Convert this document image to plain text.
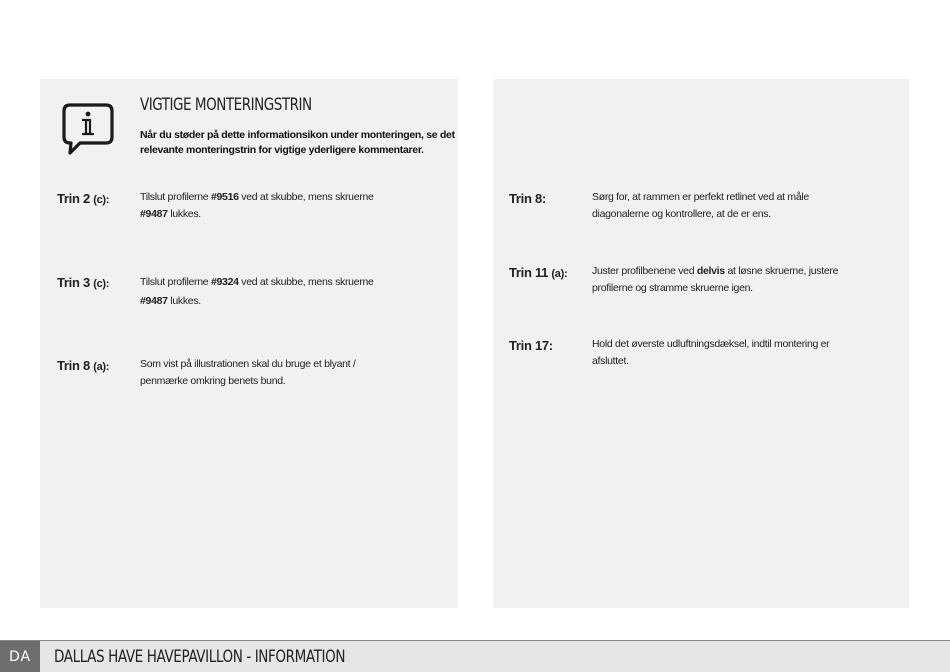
VIGTIGE MONTERINGSTRIN
Når du støder på dette informationsikon under monteringen, se det relevante monteringstrin for vigtige yderligere kommentarer.
Trin 2 (c):	Tilslut profilerne #9516 ved at skubbe, mens skruerne
#9487 lukkes.
Trin 3 (c):	Tilslut profilerne #9324 ved at skubbe, mens skruerne
#9487 lukkes.
Trin 8 (a):	Som vist på illustrationen skal du bruge et blyant /
penmærke omkring benets bund.
Trin 8:	Sørg for, at rammen er perfekt retlinet ved at måle
diagonalerne og kontrollere, at de er ens.
Trin 11 (a):	Juster profilbenene ved delvis at løsne skruerne, justere
profilerne og stramme skruerne igen.
Trin 17:	Hold det øverste udluftningsdæksel, indtil montering er
afsluttet.
DA	DALLAS HAVE HAVEPAVILLON - INFORMATION
